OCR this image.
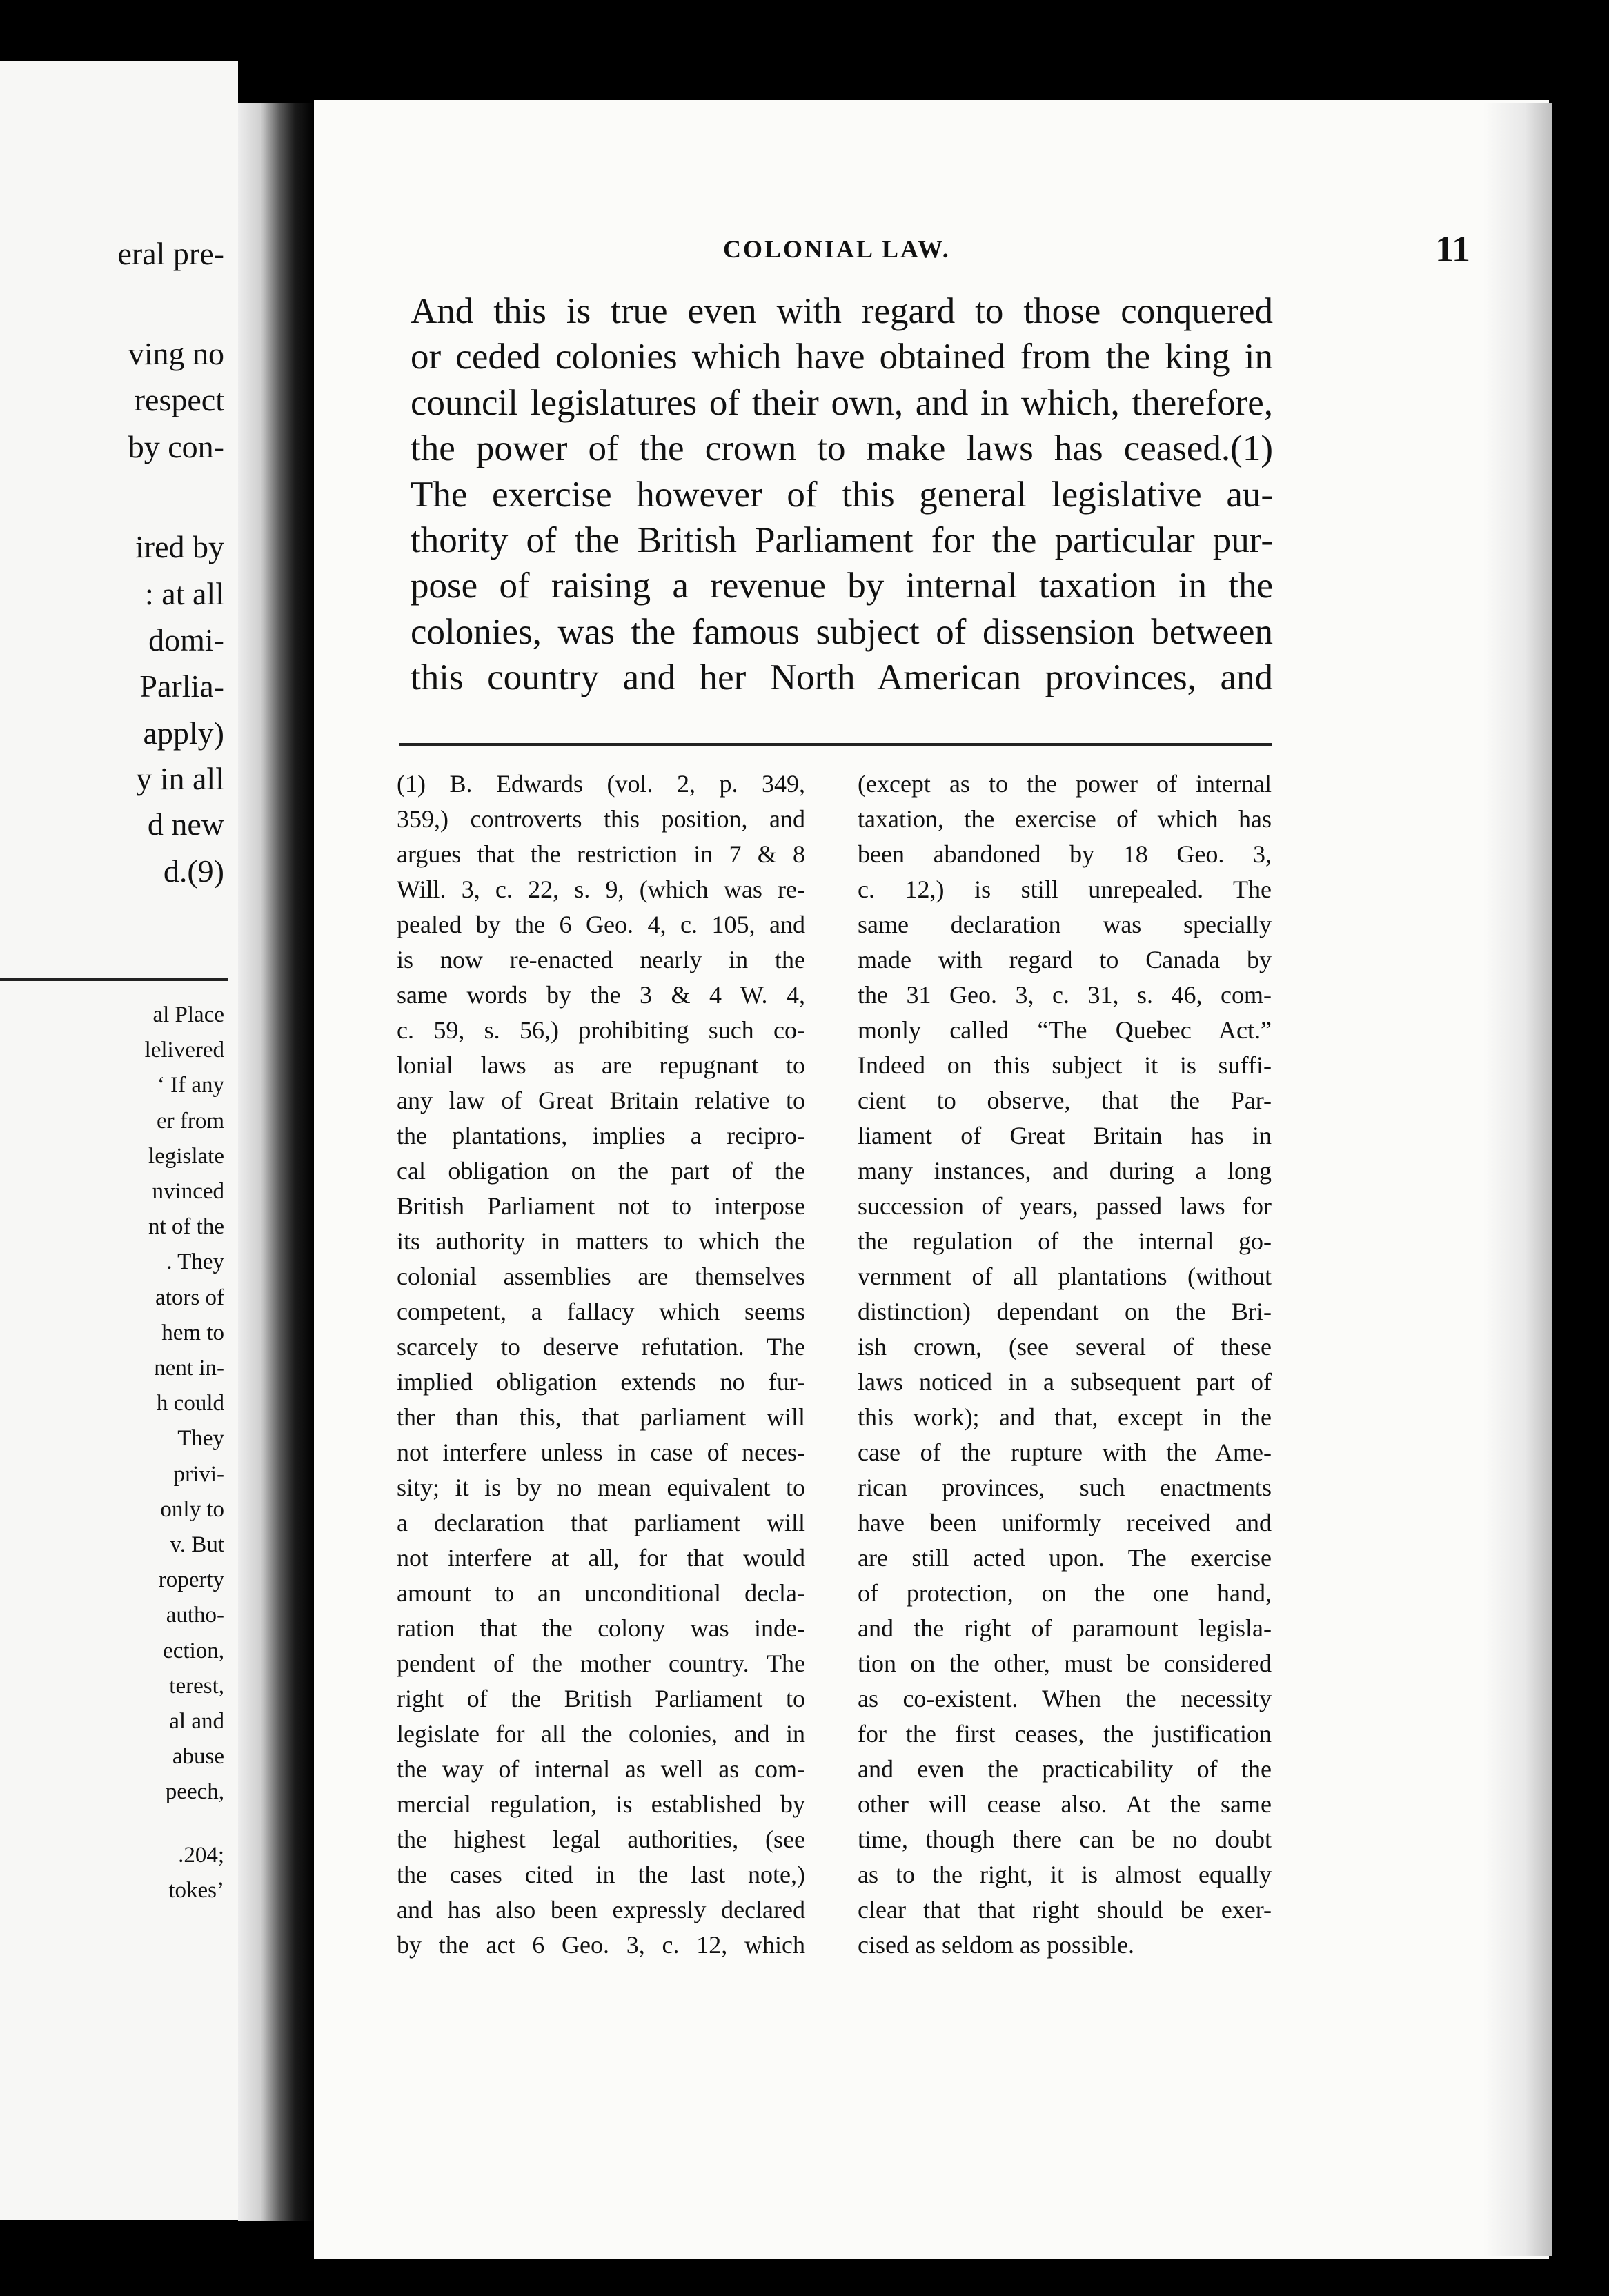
eral pre-
ving no
respect
by con-
ired by
: at all
domi-
Parlia-
apply)
y in all
d new
d.(9)
al Place
lelivered
‘ If any
er from
legislate
nvinced
nt of the
. They
ators of
hem to
nent in-
h could
They
privi-
only to
v. But
roperty
autho-
ection,
terest,
al and
abuse
peech,
.204;
tokes’
COLONIAL LAW.	11
And this is true even with regard to those conquered
or ceded colonies which have obtained from the king in
council legislatures of their own, and in which, therefore,
the power of the crown to make laws has ceased.(1)
The exercise however of this general legislative au-
thority of the British Parliament for the particular pur-
pose of raising a revenue by internal taxation in the
colonies, was the famous subject of dissension between
this country and her North American provinces, and
(1) B. Edwards (vol. 2, p. 349,
359,) controverts this position, and
argues that the restriction in 7 & 8
Will. 3, c. 22, s. 9, (which was re-
pealed by the 6 Geo. 4, c. 105, and
is now re-enacted nearly in the
same words by the 3 & 4 W. 4,
c. 59, s. 56,) prohibiting such co-
lonial laws as are repugnant to
any law of Great Britain relative to
the plantations, implies a recipro-
cal obligation on the part of the
British Parliament not to interpose
its authority in matters to which the
colonial assemblies are themselves
competent, a fallacy which seems
scarcely to deserve refutation. The
implied obligation extends no fur-
ther than this, that parliament will
not interfere unless in case of neces-
sity; it is by no mean equivalent to
a declaration that parliament will
not interfere at all, for that would
amount to an unconditional decla-
ration that the colony was inde-
pendent of the mother country. The
right of the British Parliament to
legislate for all the colonies, and in
the way of internal as well as com-
mercial regulation, is established by
the highest legal authorities, (see
the cases cited in the last note,)
and has also been expressly declared
by the act 6 Geo. 3, c. 12, which
(except as to the power of internal
taxation, the exercise of which has
been abandoned by 18 Geo. 3,
c. 12,) is still unrepealed. The
same declaration was specially
made with regard to Canada by
the 31 Geo. 3, c. 31, s. 46, com-
monly called “The Quebec Act.”
Indeed on this subject it is suffi-
cient to observe, that the Par-
liament of Great Britain has in
many instances, and during a long
succession of years, passed laws for
the regulation of the internal go-
vernment of all plantations (without
distinction) dependant on the Bri-
ish crown, (see several of these
laws noticed in a subsequent part of
this work); and that, except in the
case of the rupture with the Ame-
rican provinces, such enactments
have been uniformly received and
are still acted upon. The exercise
of protection, on the one hand,
and the right of paramount legisla-
tion on the other, must be considered
as co-existent. When the necessity
for the first ceases, the justification
and even the practicability of the
other will cease also. At the same
time, though there can be no doubt
as to the right, it is almost equally
clear that that right should be exer-
cised as seldom as possible.
